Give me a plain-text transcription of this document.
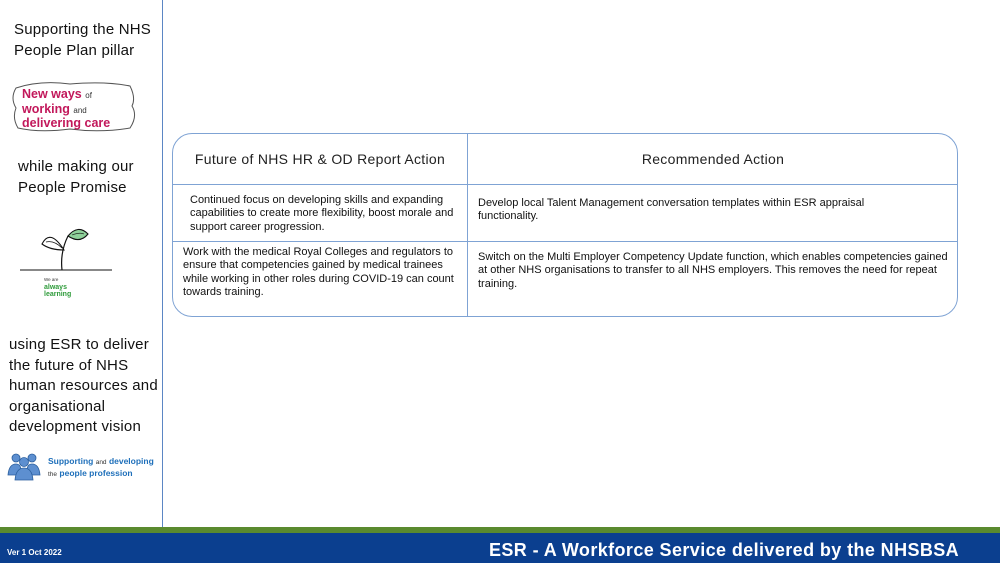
Supporting the NHS People Plan pillar
New ways of
working and
delivering care
while making our People Promise
We are
always
learning
using ESR to deliver the future of NHS human resources and organisational development vision
Supporting and developing
the people profession
Future of NHS HR & OD Report Action	Recommended Action
Continued focus on developing skills and expanding capabilities to create more flexibility, boost morale and support career progression.
Develop local Talent Management conversation templates within ESR appraisal functionality.
Work with the medical Royal Colleges and regulators to ensure that competencies gained by medical trainees while working in other roles during COVID-19 can count towards training.
Switch on the Multi Employer Competency Update function, which enables competencies gained at other NHS organisations to transfer to all NHS employers. This removes the need for repeat training.
Ver 1 Oct 2022	ESR - A Workforce Service delivered by the NHSBSA
